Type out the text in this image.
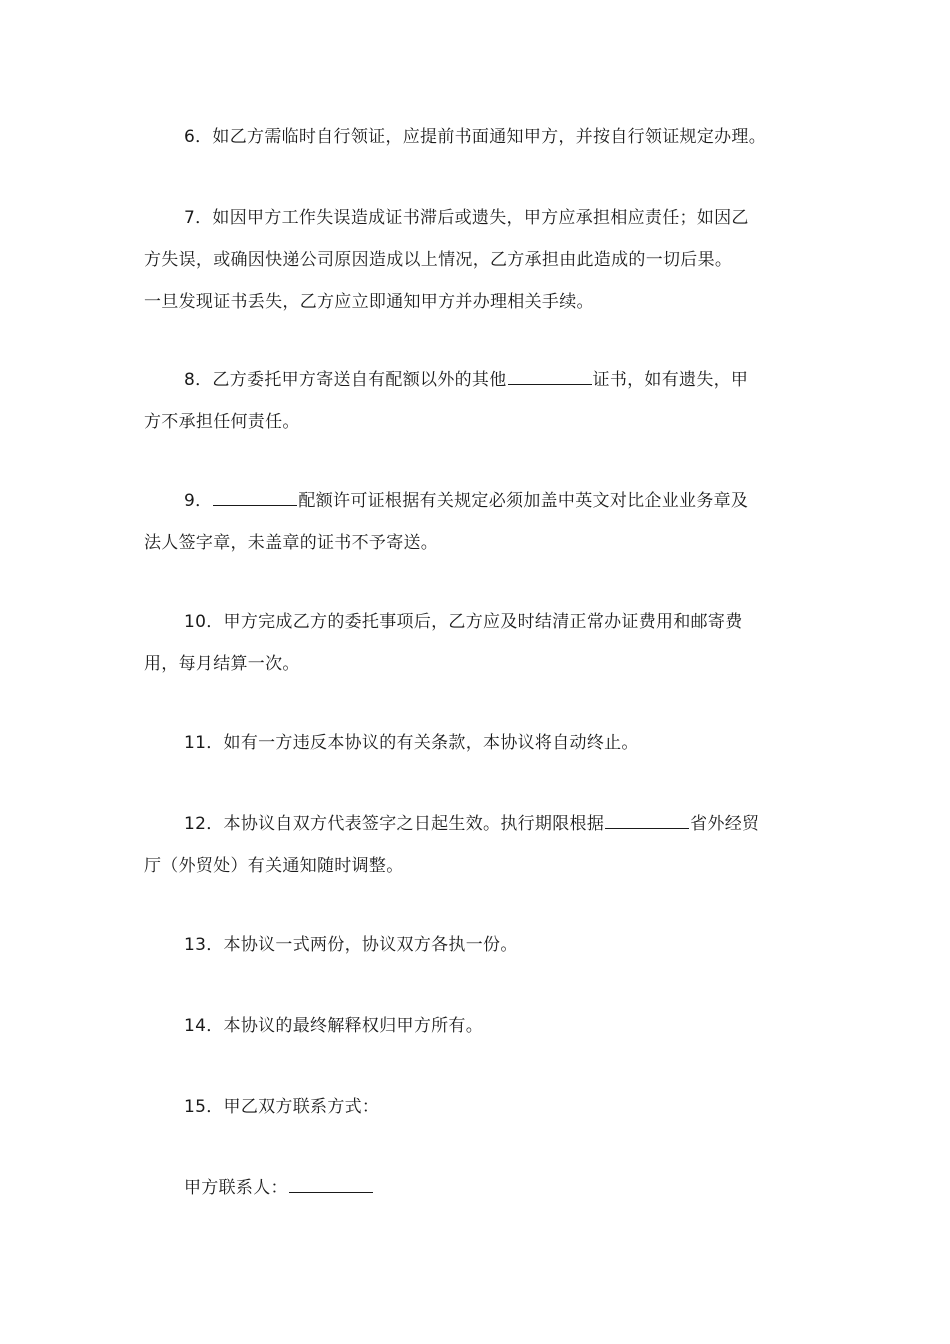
6．如乙方需临时自行领证，应提前书面通知甲方，并按自行领证规定办理。
7．如因甲方工作失误造成证书滞后或遗失，甲方应承担相应责任；如因乙
方失误，或确因快递公司原因造成以上情况，乙方承担由此造成的一切后果。
一旦发现证书丢失，乙方应立即通知甲方并办理相关手续。
8．乙方委托甲方寄送自有配额以外的其他	证书，如有遗失，甲
方不承担任何责任。
9．	配额许可证根据有关规定必须加盖中英文对比企业业务章及
法人签字章，未盖章的证书不予寄送。
10．甲方完成乙方的委托事项后，乙方应及时结清正常办证费用和邮寄费
用，每月结算一次。
11．如有一方违反本协议的有关条款，本协议将自动终止。
12．本协议自双方代表签字之日起生效。执行期限根据	省外经贸
厅（外贸处）有关通知随时调整。
13．本协议一式两份，协议双方各执一份。
14．本协议的最终解释权归甲方所有。
15．甲乙双方联系方式：
甲方联系人：
